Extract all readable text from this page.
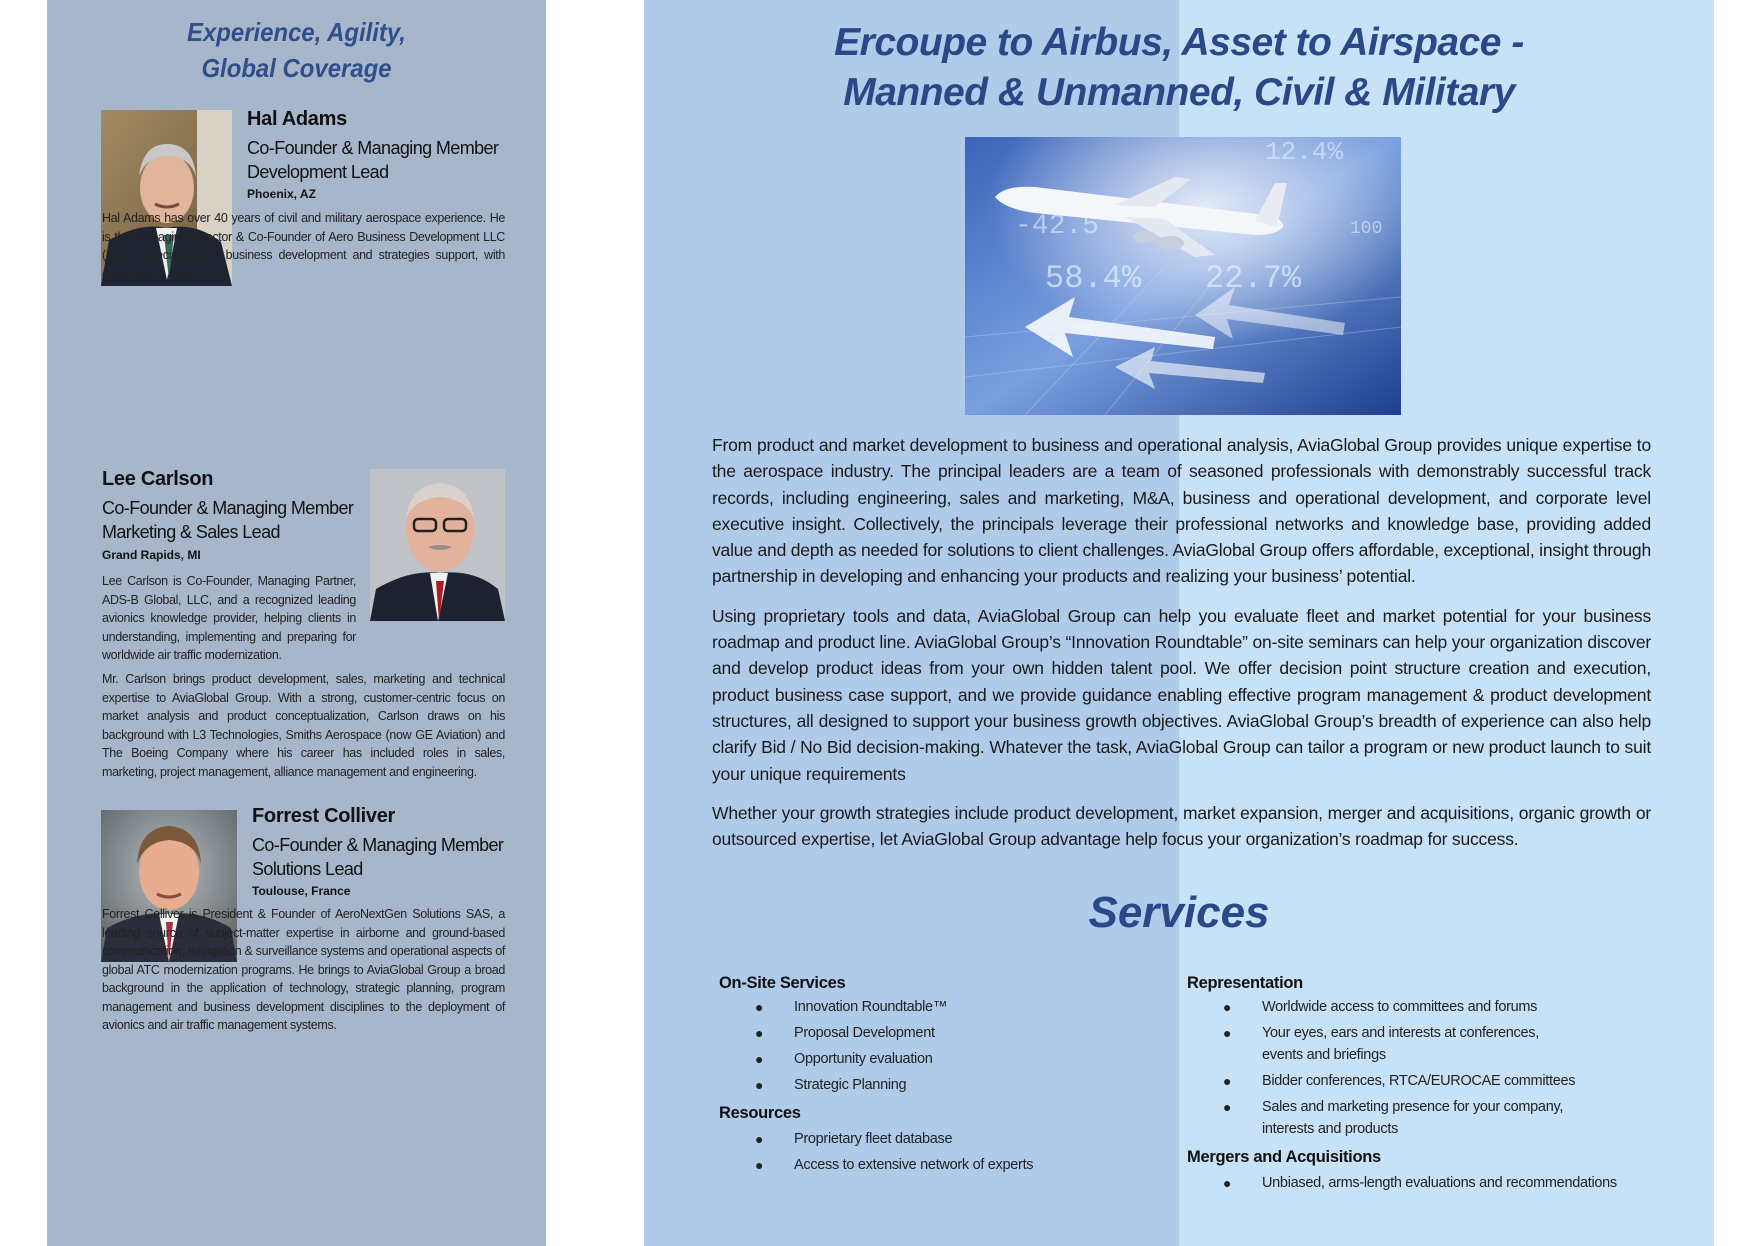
Experience, Agility,
Global Coverage
Hal Adams
Co-Founder & Managing Member
Development Lead
Phoenix, AZ

Hal Adams has over 40 years of civil and military aerospace experience. He is the Managing Director & Co-Founder of Aero Business Development LLC (ABD), specializing in business development and strategies support, with emphasis in avionics.

Lee Carlson
Co-Founder & Managing Member
Marketing & Sales Lead
Grand Rapids, MI

Lee Carlson is Co-Founder, Managing Partner, ADS-B Global, LLC, and a recognized leading avionics knowledge provider, helping clients in understanding, implementing and preparing for worldwide air traffic modernization.

Mr. Carlson brings product development, sales, marketing and technical expertise to AviaGlobal Group. With a strong, customer-centric focus on market analysis and product conceptualization, Carlson draws on his background with L3 Technologies, Smiths Aerospace (now GE Aviation) and The Boeing Company where his career has included roles in sales, marketing, project management, alliance management and engineering.

Forrest Colliver
Co-Founder & Managing Member
Solutions Lead
Toulouse, France

Forrest Colliver is President & Founder of AeroNextGen Solutions SAS, a leading source of subject-matter expertise in airborne and ground-based communication, navigation & surveillance systems and operational aspects of global ATC modernization programs. He brings to AviaGlobal Group a broad background in the application of technology, strategic planning, program management and business development disciplines to the deployment of avionics and air traffic management systems.

Ercoupe to Airbus, Asset to Airspace -
Manned & Unmanned, Civil & Military
12.4%
-42.5
58.4% 22.7%
100

From product and market development to business and operational analysis, AviaGlobal Group provides unique expertise to the aerospace industry. The principal leaders are a team of seasoned professionals with demonstrably successful track records, including engineering, sales and marketing, M&A, business and operational development, and corporate level executive insight. Collectively, the principals leverage their professional networks and knowledge base, providing added value and depth as needed for solutions to client challenges. AviaGlobal Group offers affordable, exceptional, insight through partnership in developing and enhancing your products and realizing your business’ potential.

Using proprietary tools and data, AviaGlobal Group can help you evaluate fleet and market potential for your business roadmap and product line. AviaGlobal Group’s “Innovation Roundtable” on-site seminars can help your organization discover and develop product ideas from your own hidden talent pool. We offer decision point structure creation and execution, product business case support, and we provide guidance enabling effective program management & product development structures, all designed to support your business growth objectives. AviaGlobal Group’s breadth of experience can also help clarify Bid / No Bid decision-making. Whatever the task, AviaGlobal Group can tailor a program or new product launch to suit your unique requirements

Whether your growth strategies include product development, market expansion, merger and acquisitions, organic growth or outsourced expertise, let AviaGlobal Group advantage help focus your organization’s roadmap for success.

Services
On-Site Services
● Innovation Roundtable™
● Proposal Development
● Opportunity evaluation
● Strategic Planning
Resources
● Proprietary fleet database
● Access to extensive network of experts
Representation
● Worldwide access to committees and forums
● Your eyes, ears and interests at conferences, events and briefings
● Bidder conferences, RTCA/EUROCAE committees
● Sales and marketing presence for your company, interests and products
Mergers and Acquisitions
● Unbiased, arms-length evaluations and recommendations
